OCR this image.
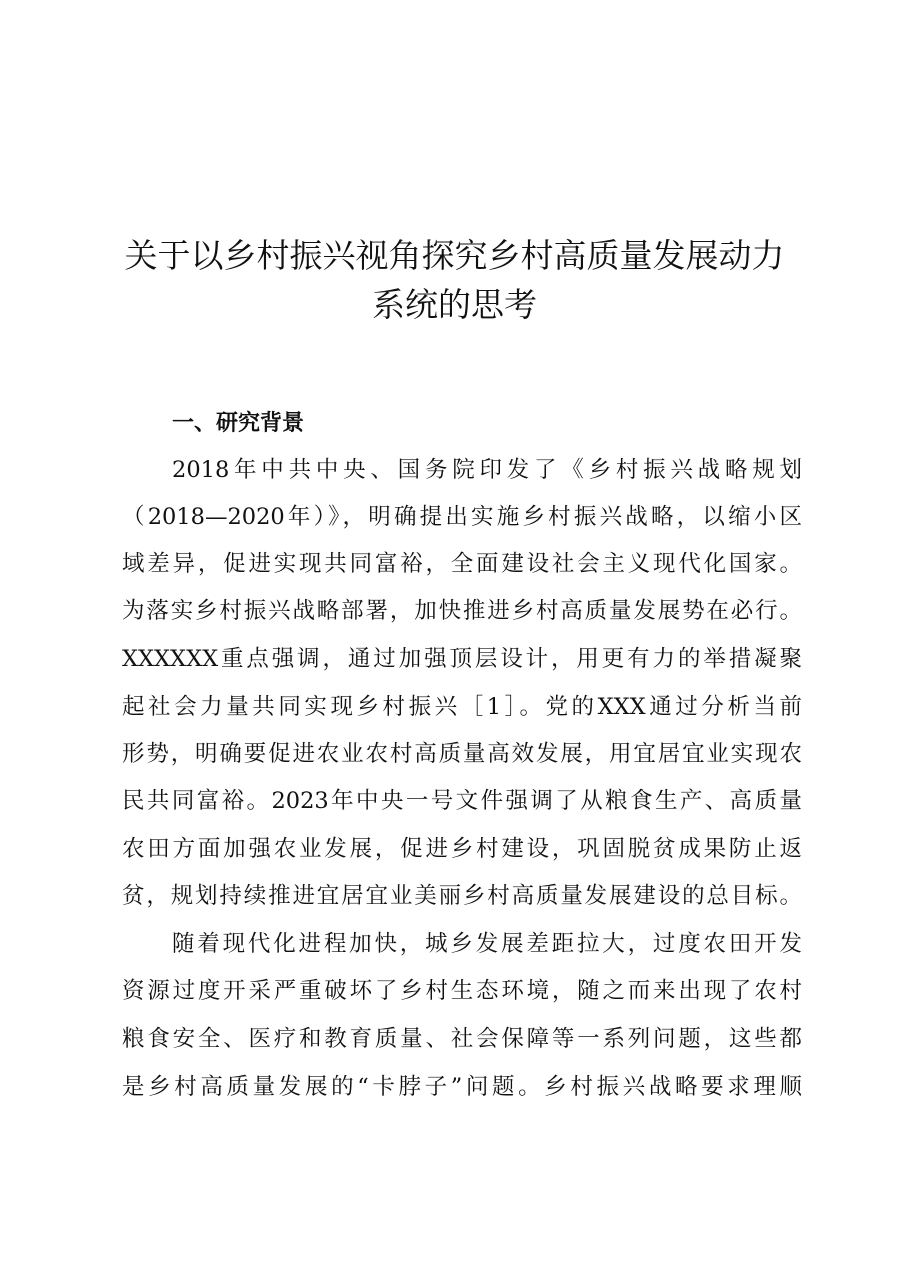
关于以乡村振兴视角探究乡村高质量发展动力
系统的思考
一、研究背景
2018年中共中央、国务院印发了《乡村振兴战略规划
（2018—2020年）》，明确提出实施乡村振兴战略，以缩小区
域差异，促进实现共同富裕，全面建设社会主义现代化国家。
为落实乡村振兴战略部署，加快推进乡村高质量发展势在必行。
XXXXXX重点强调，通过加强顶层设计，用更有力的举措凝聚
起社会力量共同实现乡村振兴［1］。党的XXX通过分析当前
形势，明确要促进农业农村高质量高效发展，用宜居宜业实现农
民共同富裕。2023年中央一号文件强调了从粮食生产、高质量
农田方面加强农业发展，促进乡村建设，巩固脱贫成果防止返
贫，规划持续推进宜居宜业美丽乡村高质量发展建设的总目标。
随着现代化进程加快，城乡发展差距拉大，过度农田开发
资源过度开采严重破坏了乡村生态环境，随之而来出现了农村
粮食安全、医疗和教育质量、社会保障等一系列问题，这些都
是乡村高质量发展的“卡脖子”问题。乡村振兴战略要求理顺
